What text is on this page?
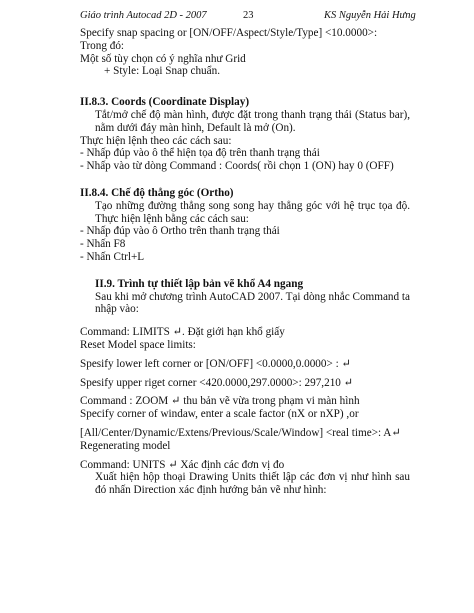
Giáo trình Autocad 2D - 2007	23	KS Nguyễn Hải Hưng

Specify snap spacing or [ON/OFF/Aspect/Style/Type] <10.0000>:

Trong đó:

Một số tùy chọn có ý nghĩa như Grid

+ Style: Loại Snap chuẩn.

II.8.3. Coords (Coordinate Display)

Tắt/mở chế độ màn hình, được đặt trong thanh trạng thái (Status bar), nằm dưới đáy màn hình, Default là mở (On).

Thực hiện lệnh theo các cách sau:

- Nhấp đúp vào ô thể hiện tọa độ trên thanh trạng thái

- Nhấp vào từ dòng Command : Coords( rồi chọn 1 (ON) hay 0 (OFF)

II.8.4. Chế độ thẳng góc (Ortho)

Tạo những đường thẳng song song hay thẳng góc với hệ trục tọa độ. Thực hiện lệnh bằng các cách sau:

- Nhấp đúp vào ô Ortho trên thanh trạng thái

- Nhấn F8

- Nhấn Ctrl+L

II.9. Trình tự thiết lập bản vẽ khổ A4 ngang

Sau khi mở chương trình AutoCAD 2007. Tại dòng nhắc Command ta nhập vào:

Command: LIMITS ↵. Đặt giới hạn khổ giấy

Reset Model space limits:

Spesify lower left corner or [ON/OFF] <0.0000,0.0000> : ↵

Spesify upper riget corner <420.0000,297.0000>: 297,210 ↵

Command : ZOOM ↵ thu bản vẽ vừa trong phạm vi màn hình

Specify corner of windaw, enter a scale factor (nX or nXP) ,or

[All/Center/Dynamic/Extens/Previous/Scale/Window] <real time>: A↵

Regenerating model

Command: UNITS ↵ Xác định các đơn vị đo

Xuất hiện hộp thoại Drawing Units thiết lập các đơn vị như hình sau đó nhấn Direction xác định hướng bản vẽ như hình:
